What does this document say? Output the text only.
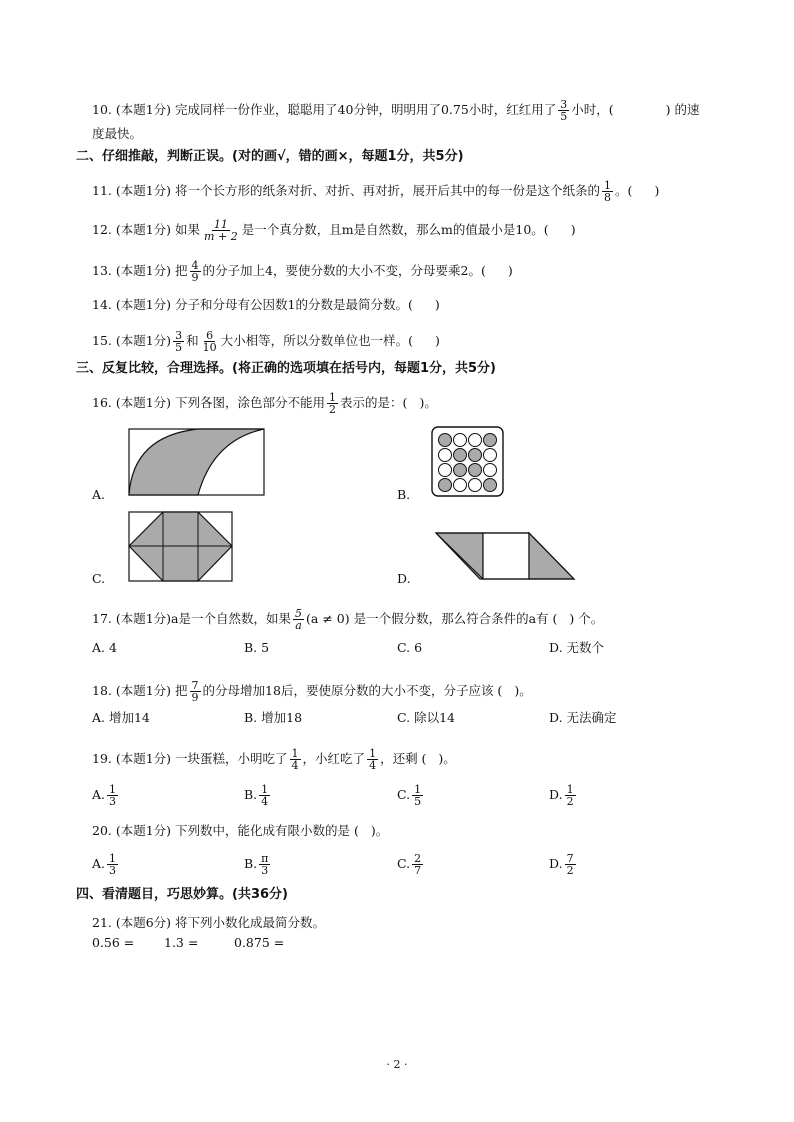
10. (本题1分) 完成同样一份作业，聪聪用了40分钟，明明用了0.75小时，红红用了 $\frac{3}{5}$ 小时，(	) 的速
度最快。
二、仔细推敲，判断正误。(对的画√，错的画×，每题1分，共5分)
11. (本题1分) 将一个长方形的纸条对折、对折、再对折，展开后其中的每一份是这个纸条的 $\frac{1}{8}$ 。( )
12. (本题1分) 如果 $\frac{11}{m + 2}$ 是一个真分数，且m是自然数，那么m的值最小是10。( )
13. (本题1分) 把 $\frac{4}{9}$ 的分子加上4，要使分数的大小不变，分母要乘2。( )
14. (本题1分) 分子和分母有公因数1的分数是最简分数。( )
15. (本题1分) $\frac{3}{5}$ 和 $\frac{6}{10}$ 大小相等，所以分数单位也一样。( )
三、反复比较，合理选择。(将正确的选项填在括号内，每题1分，共5分)
16. (本题1分) 下列各图，涂色部分不能用 $\frac{1}{2}$ 表示的是：( )。
A.	B.
C.	D.
17. (本题1分)a是一个自然数，如果 $\frac{5}{a} (a \ne 0)$ 是一个假分数，那么符合条件的a有 ( ) 个。
A. 4	B. 5	C. 6	D. 无数个
18. (本题1分) 把 $\frac{7}{9}$ 的分母增加18后，要使原分数的大小不变，分子应该 ( )。
A. 增加14	B. 增加18	C. 除以14	D. 无法确定
19. (本题1分) 一块蛋糕，小明吃了 $\frac{1}{4}$ ，小红吃了 $\frac{1}{4}$ ，还剩 ( )。
A. $\frac{1}{3}$	B. $\frac{1}{4}$	C. $\frac{1}{5}$	D. $\frac{1}{2}$
20. (本题1分) 下列数中，能化成有限小数的是 ( )。
A. $\frac{1}{3}$	B. $\frac{\pi}{3}$	C. $\frac{2}{7}$	D. $\frac{7}{2}$
四、看清题目，巧思妙算。(共36分)
21. (本题6分) 将下列小数化成最简分数。
0.56 = 1.3 =	0.875 =
· 2 ·
